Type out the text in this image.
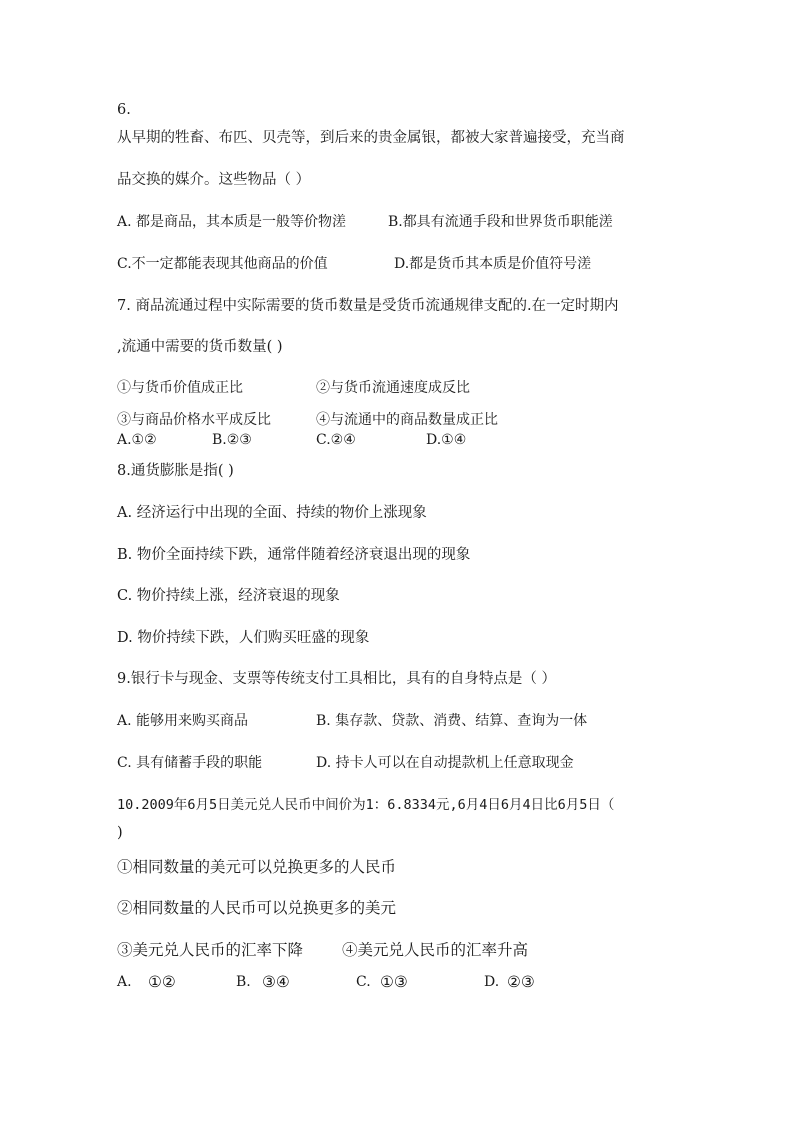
6.
从早期的牲畜、布匹、贝壳等，到后来的贵金属银，都被大家普遍接受，充当商
品交换的媒介。这些物品（ ）
A. 都是商品，其本质是一般等价物溠	B.都具有流通手段和世界货币职能溠
C.不一定都能表现其他商品的价值	D.都是货币其本质是价值符号溠
7. 商品流通过程中实际需要的货币数量是受货币流通规律支配的.在一定时期内
,流通中需要的货币数量( )
①与货币价值成正比	②与货币流通速度成反比
③与商品价格水平成反比	④与流通中的商品数量成正比
A.①②	B.②③	C.②④	D.①④
8.通货膨胀是指( )
A. 经济运行中出现的全面、持续的物价上涨现象
B. 物价全面持续下跌，通常伴随着经济衰退出现的现象
C. 物价持续上涨，经济衰退的现象
D. 物价持续下跌，人们购买旺盛的现象
9.银行卡与现金、支票等传统支付工具相比，具有的自身特点是（ ）
A. 能够用来购买商品	B. 集存款、贷款、消费、结算、查询为一体
C. 具有储蓄手段的职能	D. 持卡人可以在自动提款机上任意取现金
10.2009年6月5日美元兑人民币中间价为1：6.8334元,6月4日6月4日比6月5日（
)
①相同数量的美元可以兑换更多的人民币
②相同数量的人民币可以兑换更多的美元
③美元兑人民币的汇率下降	④美元兑人民币的汇率升高
A. ①②	B. ③④	C. ①③	D. ②③
